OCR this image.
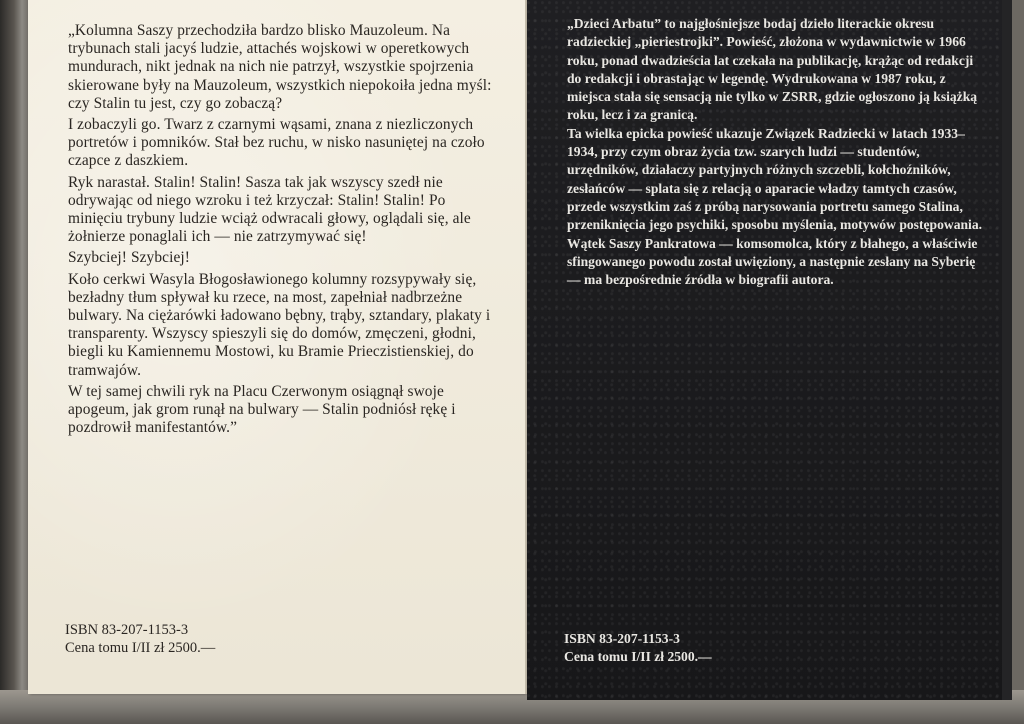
„Kolumna Saszy przechodziła bardzo blisko Mauzoleum. Na trybunach stali jacyś ludzie, attachés wojskowi w operetkowych mundurach, nikt jednak na nich nie patrzył, wszystkie spojrzenia skierowane były na Mauzoleum, wszystkich niepokoiła jedna myśl: czy Stalin tu jest, czy go zobaczą?

I zobaczyli go. Twarz z czarnymi wąsami, znana z niezliczonych portretów i pomników. Stał bez ruchu, w nisko nasuniętej na czoło czapce z daszkiem.

Ryk narastał. Stalin! Stalin! Sasza tak jak wszyscy szedł nie odrywając od niego wzroku i też krzyczał: Stalin! Stalin! Po minięciu trybuny ludzie wciąż odwracali głowy, oglądali się, ale żołnierze ponaglali ich — nie zatrzymywać się!

Szybciej! Szybciej!

Koło cerkwi Wasyla Błogosławionego kolumny rozsypywały się, bezładny tłum spływał ku rzece, na most, zapełniał nadbrzeżne bulwary. Na ciężarówki ładowano bębny, trąby, sztandary, plakaty i transparenty. Wszyscy spieszyli się do domów, zmęczeni, głodni, biegli ku Kamiennemu Mostowi, ku Bramie Prieczistienskiej, do tramwajów.

W tej samej chwili ryk na Placu Czerwonym osiągnął swoje apogeum, jak grom runął na bulwary — Stalin podniósł rękę i pozdrowił manifestantów.”

ISBN 83-207-1153-3
Cena tomu I/II zł 2500.—

„Dzieci Arbatu” to najgłośniejsze bodaj dzieło literackie okresu radzieckiej „pieriestrojki”. Powieść, złożona w wydawnictwie w 1966 roku, ponad dwadzieścia lat czekała na publikację, krążąc od redakcji do redakcji i obrastając w legendę. Wydrukowana w 1987 roku, z miejsca stała się sensacją nie tylko w ZSRR, gdzie ogłoszono ją książką roku, lecz i za granicą.

Ta wielka epicka powieść ukazuje Związek Radziecki w latach 1933–1934, przy czym obraz życia tzw. szarych ludzi — studentów, urzędników, działaczy partyjnych różnych szczebli, kołchoźników, zesłańców — splata się z relacją o aparacie władzy tamtych czasów, przede wszystkim zaś z próbą narysowania portretu samego Stalina, przeniknięcia jego psychiki, sposobu myślenia, motywów postępowania.

Wątek Saszy Pankratowa — komsomolca, który z błahego, a właściwie sfingowanego powodu został uwięziony, a następnie zesłany na Syberię — ma bezpośrednie źródła w biografii autora.

ISBN 83-207-1153-3
Cena tomu I/II zł 2500.—
